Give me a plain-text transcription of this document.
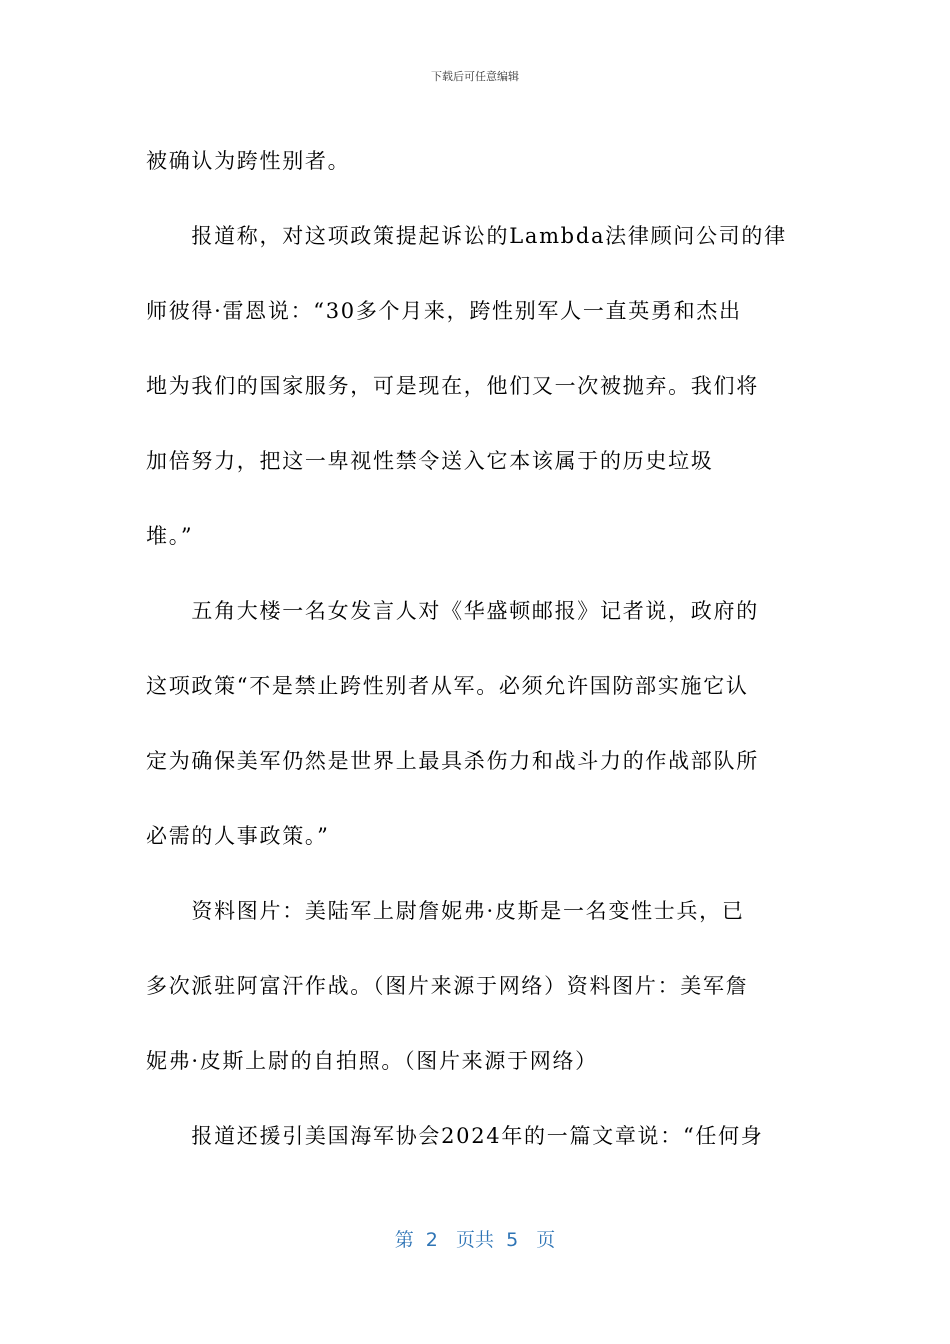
下载后可任意编辑

被确认为跨性别者。

　　报道称，对这项政策提起诉讼的Lambda法律顾问公司的律

师彼得·雷恩说：“30多个月来，跨性别军人一直英勇和杰出

地为我们的国家服务，可是现在，他们又一次被抛弃。我们将

加倍努力，把这一卑视性禁令送入它本该属于的历史垃圾

堆。”

　　五角大楼一名女发言人对《华盛顿邮报》记者说，政府的

这项政策“不是禁止跨性别者从军。必须允许国防部实施它认

定为确保美军仍然是世界上最具杀伤力和战斗力的作战部队所

必需的人事政策。”

　　资料图片：美陆军上尉詹妮弗·皮斯是一名变性士兵，已

多次派驻阿富汗作战。（图片来源于网络）资料图片：美军詹

妮弗·皮斯上尉的自拍照。（图片来源于网络）

　　报道还援引美国海军协会2024年的一篇文章说：“任何身

第  2   页共  5   页
